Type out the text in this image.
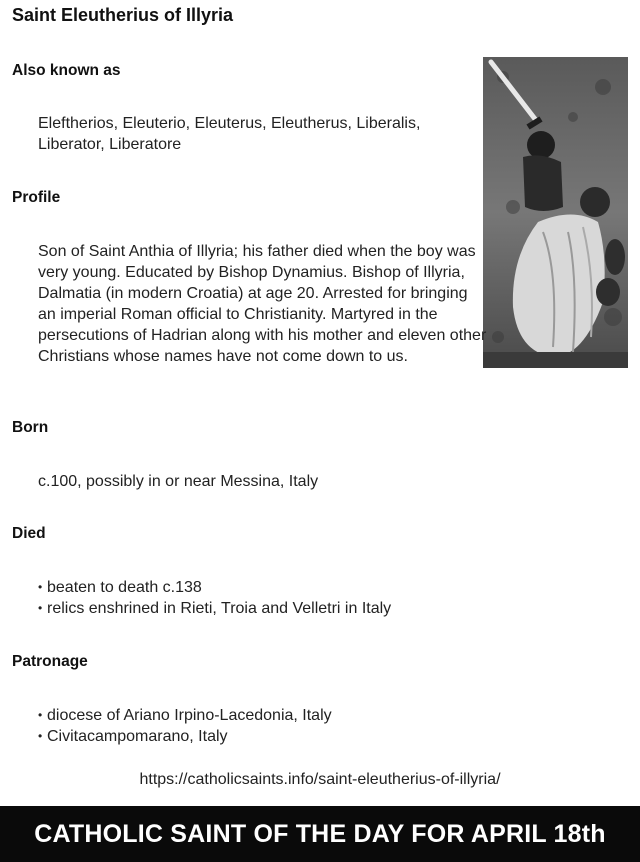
Saint Eleutherius of Illyria
Also known as
Eleftherios, Eleuterio, Eleuterus, Eleutherus, Liberalis, Liberator, Liberatore
Profile
Son of Saint Anthia of Illyria; his father died when the boy was very young. Educated by Bishop Dynamius. Bishop of Illyria, Dalmatia (in modern Croatia) at age 20. Arrested for bringing an imperial Roman official to Christianity. Martyred in the persecutions of Hadrian along with his mother and eleven other Christians whose names have not come down to us.
Born
c.100, possibly in or near Messina, Italy
Died
• beaten to death c.138
• relics enshrined in Rieti, Troia and Velletri in Italy
Patronage
• diocese of Ariano Irpino-Lacedonia, Italy
• Civitacampomarano, Italy
https://catholicsaints.info/saint-eleutherius-of-illyria/
CATHOLIC SAINT OF THE DAY FOR APRIL 18th
